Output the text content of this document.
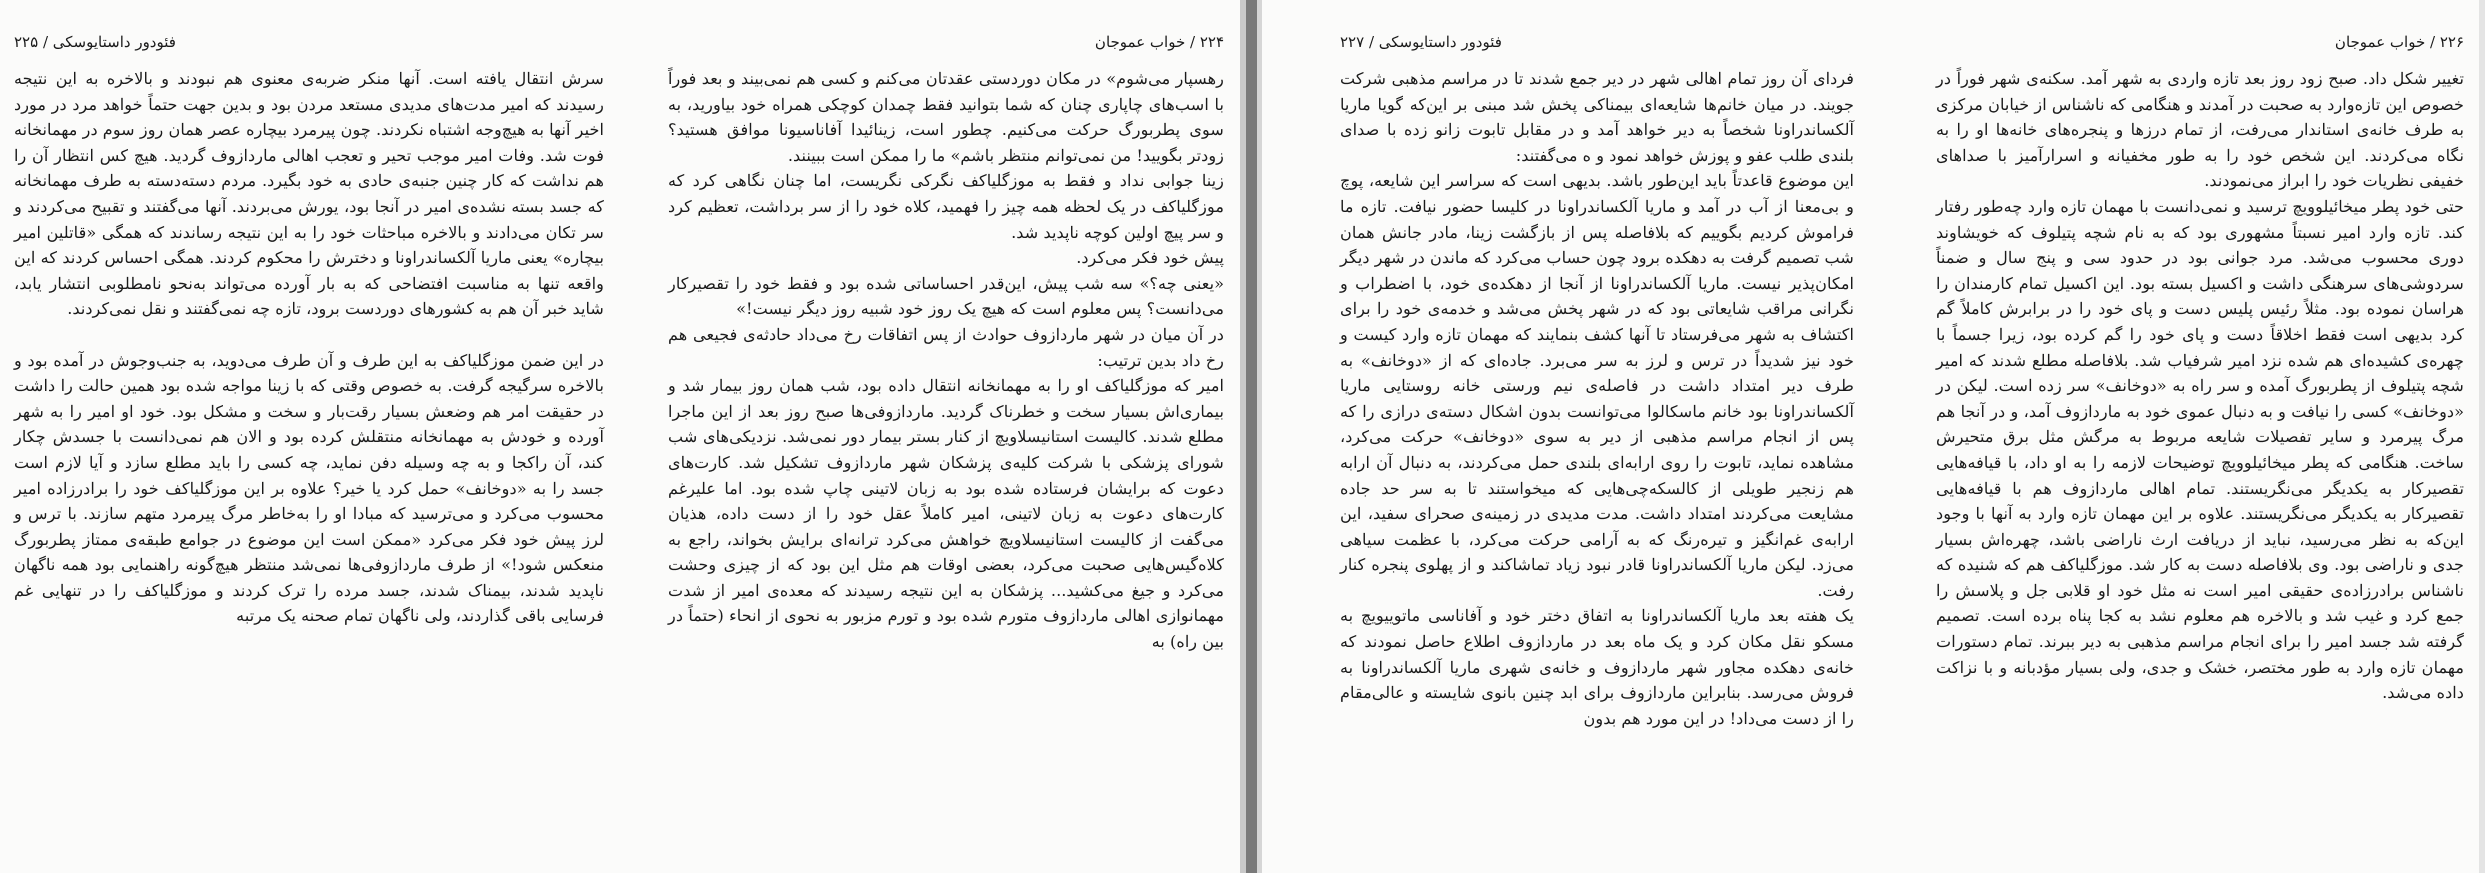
فئودور داستایوسکی / ۲۲۵

سرش انتقال یافته است. آنها منکر ضربه‌ی معنوی هم نبودند و بالاخره به این نتیجه رسیدند که امیر مدت‌های مدیدی مستعد مردن بود و بدین جهت حتماً خواهد مرد در مورد اخیر آنها به هیچ‌وجه اشتباه نکردند. چون پیرمرد بیچاره عصر همان روز سوم در مهمانخانه فوت شد. وفات امیر موجب تحیر و تعجب اهالی ماردازوف گردید. هیچ کس انتظار آن را هم نداشت که کار چنین جنبه‌ی حادی به خود بگیرد. مردم دسته‌دسته به طرف مهمانخانه که جسد بسته نشده‌ی امیر در آنجا بود، یورش می‌بردند. آنها می‌گفتند و تقبیح می‌کردند و سر تکان می‌دادند و بالاخره مباحثات خود را به این نتیجه رساندند که همگی «قاتلین امیر بیچاره» یعنی ماریا آلکساندراونا و دخترش را محکوم کردند. همگی احساس کردند که این واقعه تنها به مناسبت افتضاحی که به بار آورده می‌تواند به‌نحو نامطلوبی انتشار یابد، شاید خبر آن هم به کشورهای دوردست برود، تازه چه نمی‌گفتند و نقل نمی‌کردند.

در این ضمن موزگلیاکف به این طرف و آن طرف می‌دوید، به جنب‌وجوش در آمده بود و بالاخره سرگیجه گرفت. به خصوص وقتی که با زینا مواجه شده بود همین حالت را داشت در حقیقت امر هم وضعش بسیار رقت‌بار و سخت و مشکل بود. خود او امیر را به شهر آورده و خودش به مهمانخانه منتقلش کرده بود و الان هم نمی‌دانست با جسدش چکار کند، آن راکجا و به چه وسیله دفن نماید، چه کسی را باید مطلع سازد و آیا لازم است جسد را به «دوخانف» حمل کرد یا خیر؟ علاوه بر این موزگلیاکف خود را برادرزاده امیر محسوب می‌کرد و می‌ترسید که مبادا او را به‌خاطر مرگ پیرمرد متهم سازند. با ترس و لرز پیش خود فکر می‌کرد «ممکن است این موضوع در جوامع طبقه‌ی ممتاز پطربورگ منعکس شود!» از طرف ماردازوفی‌ها نمی‌شد منتظر هیچ‌گونه راهنمایی بود همه ناگهان ناپدید شدند، بیمناک شدند، جسد مرده را ترک کردند و موزگلیاکف را در تنهایی غم فرسایی باقی گذاردند، ولی ناگهان تمام صحنه یک مرتبه

۲۲۴ / خواب عموجان

رهسپار می‌شوم» در مکان دوردستی عقدتان می‌کنم و کسی هم نمی‌بیند و بعد فوراً با اسب‌های چاپاری چنان که شما بتوانید فقط چمدان کوچکی همراه خود بیاورید، به سوی پطربورگ حرکت می‌کنیم. چطور است، زینائیدا آفاناسیونا موافق هستید؟ زودتر بگویید! من نمی‌توانم منتظر باشم» ما را ممکن است ببینند.

زینا جوابی نداد و فقط به موزگلیاکف نگرکی نگریست، اما چنان نگاهی کرد که موزگلیاکف در یک لحظه همه چیز را فهمید، کلاه خود را از سر برداشت، تعظیم کرد و سر پیچ اولین کوچه ناپدید شد.

پیش خود فکر می‌کرد.

«یعنی چه؟» سه شب پیش، این‌قدر احساساتی شده بود و فقط خود را تقصیرکار می‌دانست؟ پس معلوم است که هیچ یک روز خود شبیه روز دیگر نیست!»

در آن میان در شهر ماردازوف حوادث از پس اتفاقات رخ می‌داد حادثه‌ی فجیعی هم رخ داد بدین ترتیب:

امیر که موزگلیاکف او را به مهمانخانه انتقال داده بود، شب همان روز بیمار شد و بیماری‌اش بسیار سخت و خطرناک گردید. ماردازوفی‌ها صبح روز بعد از این ماجرا مطلع شدند. کالیست استانیسلاویچ از کنار بستر بیمار دور نمی‌شد. نزدیکی‌های شب شورای پزشکی با شرکت کلیه‌ی پزشکان شهر ماردازوف تشکیل شد. کارت‌های دعوت که برایشان فرستاده شده بود به زبان لاتینی چاپ شده بود. اما علیرغم کارت‌های دعوت به زبان لاتینی، امیر کاملاً عقل خود را از دست داده، هذیان می‌گفت از کالیست استانیسلاویچ خواهش می‌کرد ترانه‌ای برایش بخواند، راجع به کلاه‌گیس‌هایی صحبت می‌کرد، بعضی اوقات هم مثل این بود که از چیزی وحشت می‌کرد و جیغ می‌کشید... پزشکان به این نتیجه رسیدند که معده‌ی امیر از شدت مهمانوازی اهالی ماردازوف متورم شده بود و تورم مزبور به نحوی از انحاء (حتماً در بین راه) به

فئودور داستایوسکی / ۲۲۷

فردای آن روز تمام اهالی شهر در دیر جمع شدند تا در مراسم مذهبی شرکت جویند. در میان خانم‌ها شایعه‌ای بیمناکی پخش شد مبنی بر این‌که گویا ماریا آلکساندراونا شخصاً به دیر خواهد آمد و در مقابل تابوت زانو زده با صدای بلندی طلب عفو و پوزش خواهد نمود و ه‌ می‌گفتند:

این موضوع قاعدتاً باید این‌طور باشد. بدیهی است که سراسر این شایعه، پوچ و بی‌معنا از آب در آمد و ماریا آلکساندراونا در کلیسا حضور نیافت. تازه ما فراموش کردیم بگوییم که بلافاصله پس از بازگشت زینا، مادر جانش همان شب تصمیم گرفت به دهکده برود چون حساب می‌کرد که ماندن در شهر دیگر امکان‌پذیر نیست. ماریا آلکساندراونا از آنجا از دهکده‌ی خود، با اضطراب و نگرانی مراقب شایعاتی بود که در شهر پخش می‌شد و خدمه‌ی خود را برای اکتشاف به شهر می‌فرستاد تا آنها کشف بنمایند که مهمان تازه وارد کیست و خود نیز شدیداً در ترس و لرز به سر می‌برد. جاده‌ای که از «دوخانف» به طرف دیر امتداد داشت در فاصله‌ی نیم ورستی خانه روستایی ماریا آلکساندراونا بود خانم ماسکالوا می‌توانست بدون اشکال دسته‌ی درازی را که پس از انجام مراسم مذهبی از دیر به سوی «دوخانف» حرکت می‌کرد، مشاهده نماید، تابوت را روی ارابه‌ای بلندی حمل می‌کردند، به دنبال آن ارابه هم زنجیر طویلی از کالسکه‌چی‌هایی که میخواستند تا به سر حد جاده مشایعت می‌کردند امتداد داشت. مدت مدیدی در زمینه‌ی صحرای سفید، این ارابه‌ی غم‌انگیز و تیره‌رنگ که به آرامی حرکت می‌کرد، با عظمت سیاهی می‌زد. لیکن ماریا آلکساندراونا قادر نبود زیاد تماشاکند و از پهلوی پنجره کنار رفت.

یک هفته بعد ماریا آلکساندراونا به اتفاق دختر خود و آفاناسی ماتوییویچ به مسکو نقل مکان کرد و یک ماه بعد در ماردازوف اطلاع حاصل نمودند که خانه‌ی دهکده مجاور شهر ماردازوف و خانه‌ی شهری ماریا آلکساندراونا به فروش می‌رسد. بنابراین ماردازوف برای ابد چنین بانوی شایسته و عالی‌مقام را از دست می‌داد! در این مورد هم بدون

۲۲۶ / خواب عموجان

تغییر شکل داد. صبح زود روز بعد تازه واردی به شهر آمد. سکنه‌ی شهر فوراً در خصوص این تازه‌وارد به صحبت در آمدند و هنگامی که ناشناس از خیابان مرکزی به طرف خانه‌ی استاندار می‌رفت، از تمام درزها و پنجره‌های خانه‌ها او را به نگاه می‌کردند. این شخص خود را به طور مخفیانه و اسرارآمیز با صداهای خفیفی نظریات خود را ابراز می‌نمودند.

حتی خود پطر میخائیلوویچ ترسید و نمی‌دانست با مهمان تازه وارد چه‌طور رفتار کند. تازه وارد امیر نسبتاً مشهوری بود که به نام شچه پتیلوف که خویشاوند دوری محسوب می‌شد. مرد جوانی بود در حدود سی و پنج سال و ضمناً سردوشی‌های سرهنگی داشت و اکسیل بسته بود. این اکسیل تمام کارمندان را هراسان نموده بود. مثلاً رئیس پلیس دست و پای خود را در برابرش کاملاً گم کرد بدیهی است فقط اخلاقاً دست و پای خود را گم کرده بود، زیرا جسماً با چهره‌ی کشیده‌ای هم شده نزد امیر شرفیاب شد. بلافاصله مطلع شدند که امیر شچه پتیلوف از پطربورگ آمده و سر راه به «دوخانف» سر زده است. لیکن در «دوخانف» کسی را نیافت و به دنبال عموی خود به ماردازوف آمد، و در آنجا هم مرگ پیرمرد و سایر تفصیلات شایعه مربوط به مرگش مثل برق متحیرش ساخت. هنگامی که پطر میخائیلوویچ توضیحات لازمه را به او داد، با قیافه‌هایی تقصیرکار به یکدیگر می‌نگریستند. تمام اهالی ماردازوف هم با قیافه‌هایی تقصیرکار به یکدیگر می‌نگریستند. علاوه بر این مهمان تازه وارد به آنها با وجود این‌که به نظر می‌رسید، نباید از دریافت ارث ناراضی باشد، چهره‌اش بسیار جدی و ناراضی بود. وی بلافاصله دست به کار شد. موزگلیاکف هم که شنیده که ناشناس برادرزاده‌ی حقیقی امیر است نه مثل خود او قلابی جل و پلاسش را جمع کرد و غیب شد و بالاخره هم معلوم نشد به کجا پناه برده است. تصمیم گرفته شد جسد امیر را برای انجام مراسم مذهبی به دیر ببرند. تمام دستورات مهمان تازه وارد به طور مختصر، خشک و جدی، ولی بسیار مؤدبانه و با نزاکت داده می‌شد.
